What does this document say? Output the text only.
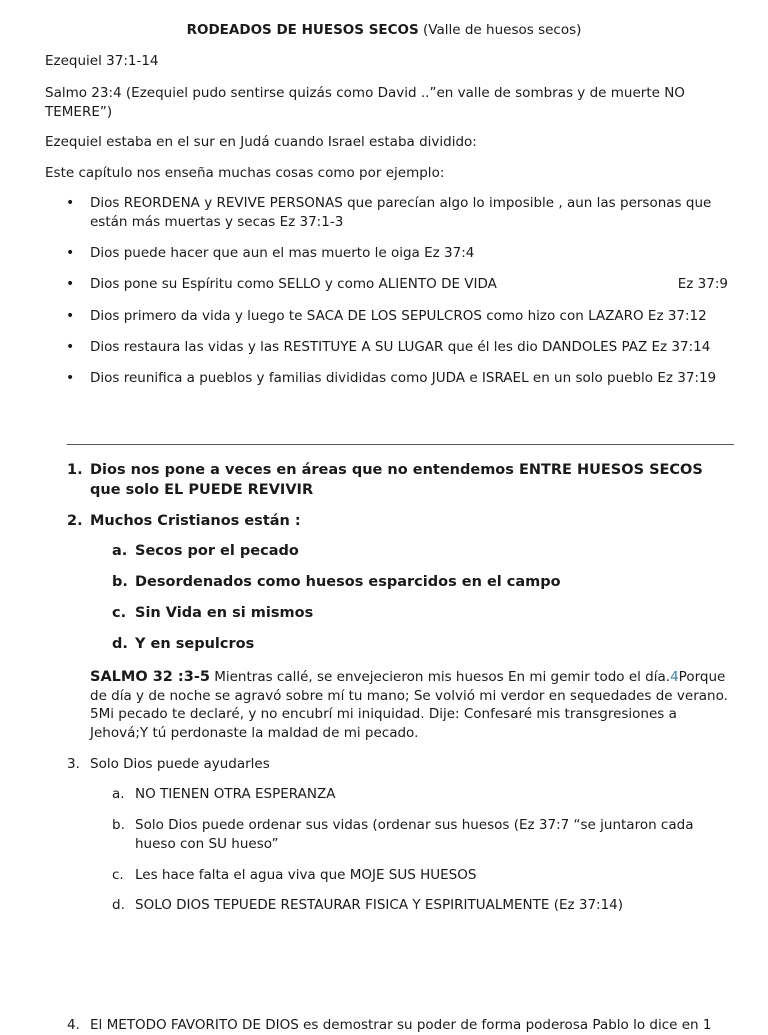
RODEADOS DE HUESOS SECOS (Valle de huesos secos)

Ezequiel 37:1-14

Salmo 23:4 (Ezequiel pudo sentirse quizás como David ..”en valle de sombras y de muerte NO TEMERE”)

Ezequiel estaba en el sur en Judá cuando Israel estaba dividido:

Este capítulo nos enseña muchas cosas como por ejemplo:

• Dios REORDENA y REVIVE PERSONAS que parecían algo lo imposible , aun las personas que están más muertas y secas Ez 37:1-3
• Dios puede hacer que aun el mas muerto le oiga Ez 37:4
• Dios pone su Espíritu como SELLO y como ALIENTO DE VIDA	Ez 37:9
• Dios primero da vida y luego te SACA DE LOS SEPULCROS como hizo con LAZARO Ez 37:12
• Dios restaura las vidas y las RESTITUYE A SU LUGAR que él les dio DANDOLES PAZ Ez 37:14
• Dios reunifica a pueblos y familias divididas como JUDA e ISRAEL en un solo pueblo Ez 37:19
1. Dios nos pone a veces en áreas que no entendemos ENTRE HUESOS SECOS que solo EL PUEDE REVIVIR
2. Muchos Cristianos están :
a. Secos por el pecado
b. Desordenados como huesos esparcidos en el campo
c. Sin Vida en si mismos
d. Y en sepulcros

SALMO 32 :3-5 Mientras callé, se envejecieron mis huesos En mi gemir todo el día.4Porque de día y de noche se agravó sobre mí tu mano; Se volvió mi verdor en sequedades de verano. 5Mi pecado te declaré, y no encubrí mi iniquidad. Dije: Confesaré mis transgresiones a Jehová;Y tú perdonaste la maldad de mi pecado.

3. Solo Dios puede ayudarles
a. NO TIENEN OTRA ESPERANZA
b. Solo Dios puede ordenar sus vidas (ordenar sus huesos (Ez 37:7 “se juntaron cada hueso con SU hueso”
c. Les hace falta el agua viva que MOJE SUS HUESOS
d. SOLO DIOS TEPUEDE RESTAURAR FISICA Y ESPIRITUALMENTE (Ez 37:14)
4. El METODO FAVORITO DE DIOS es demostrar su poder de forma poderosa Pablo lo dice en 1
